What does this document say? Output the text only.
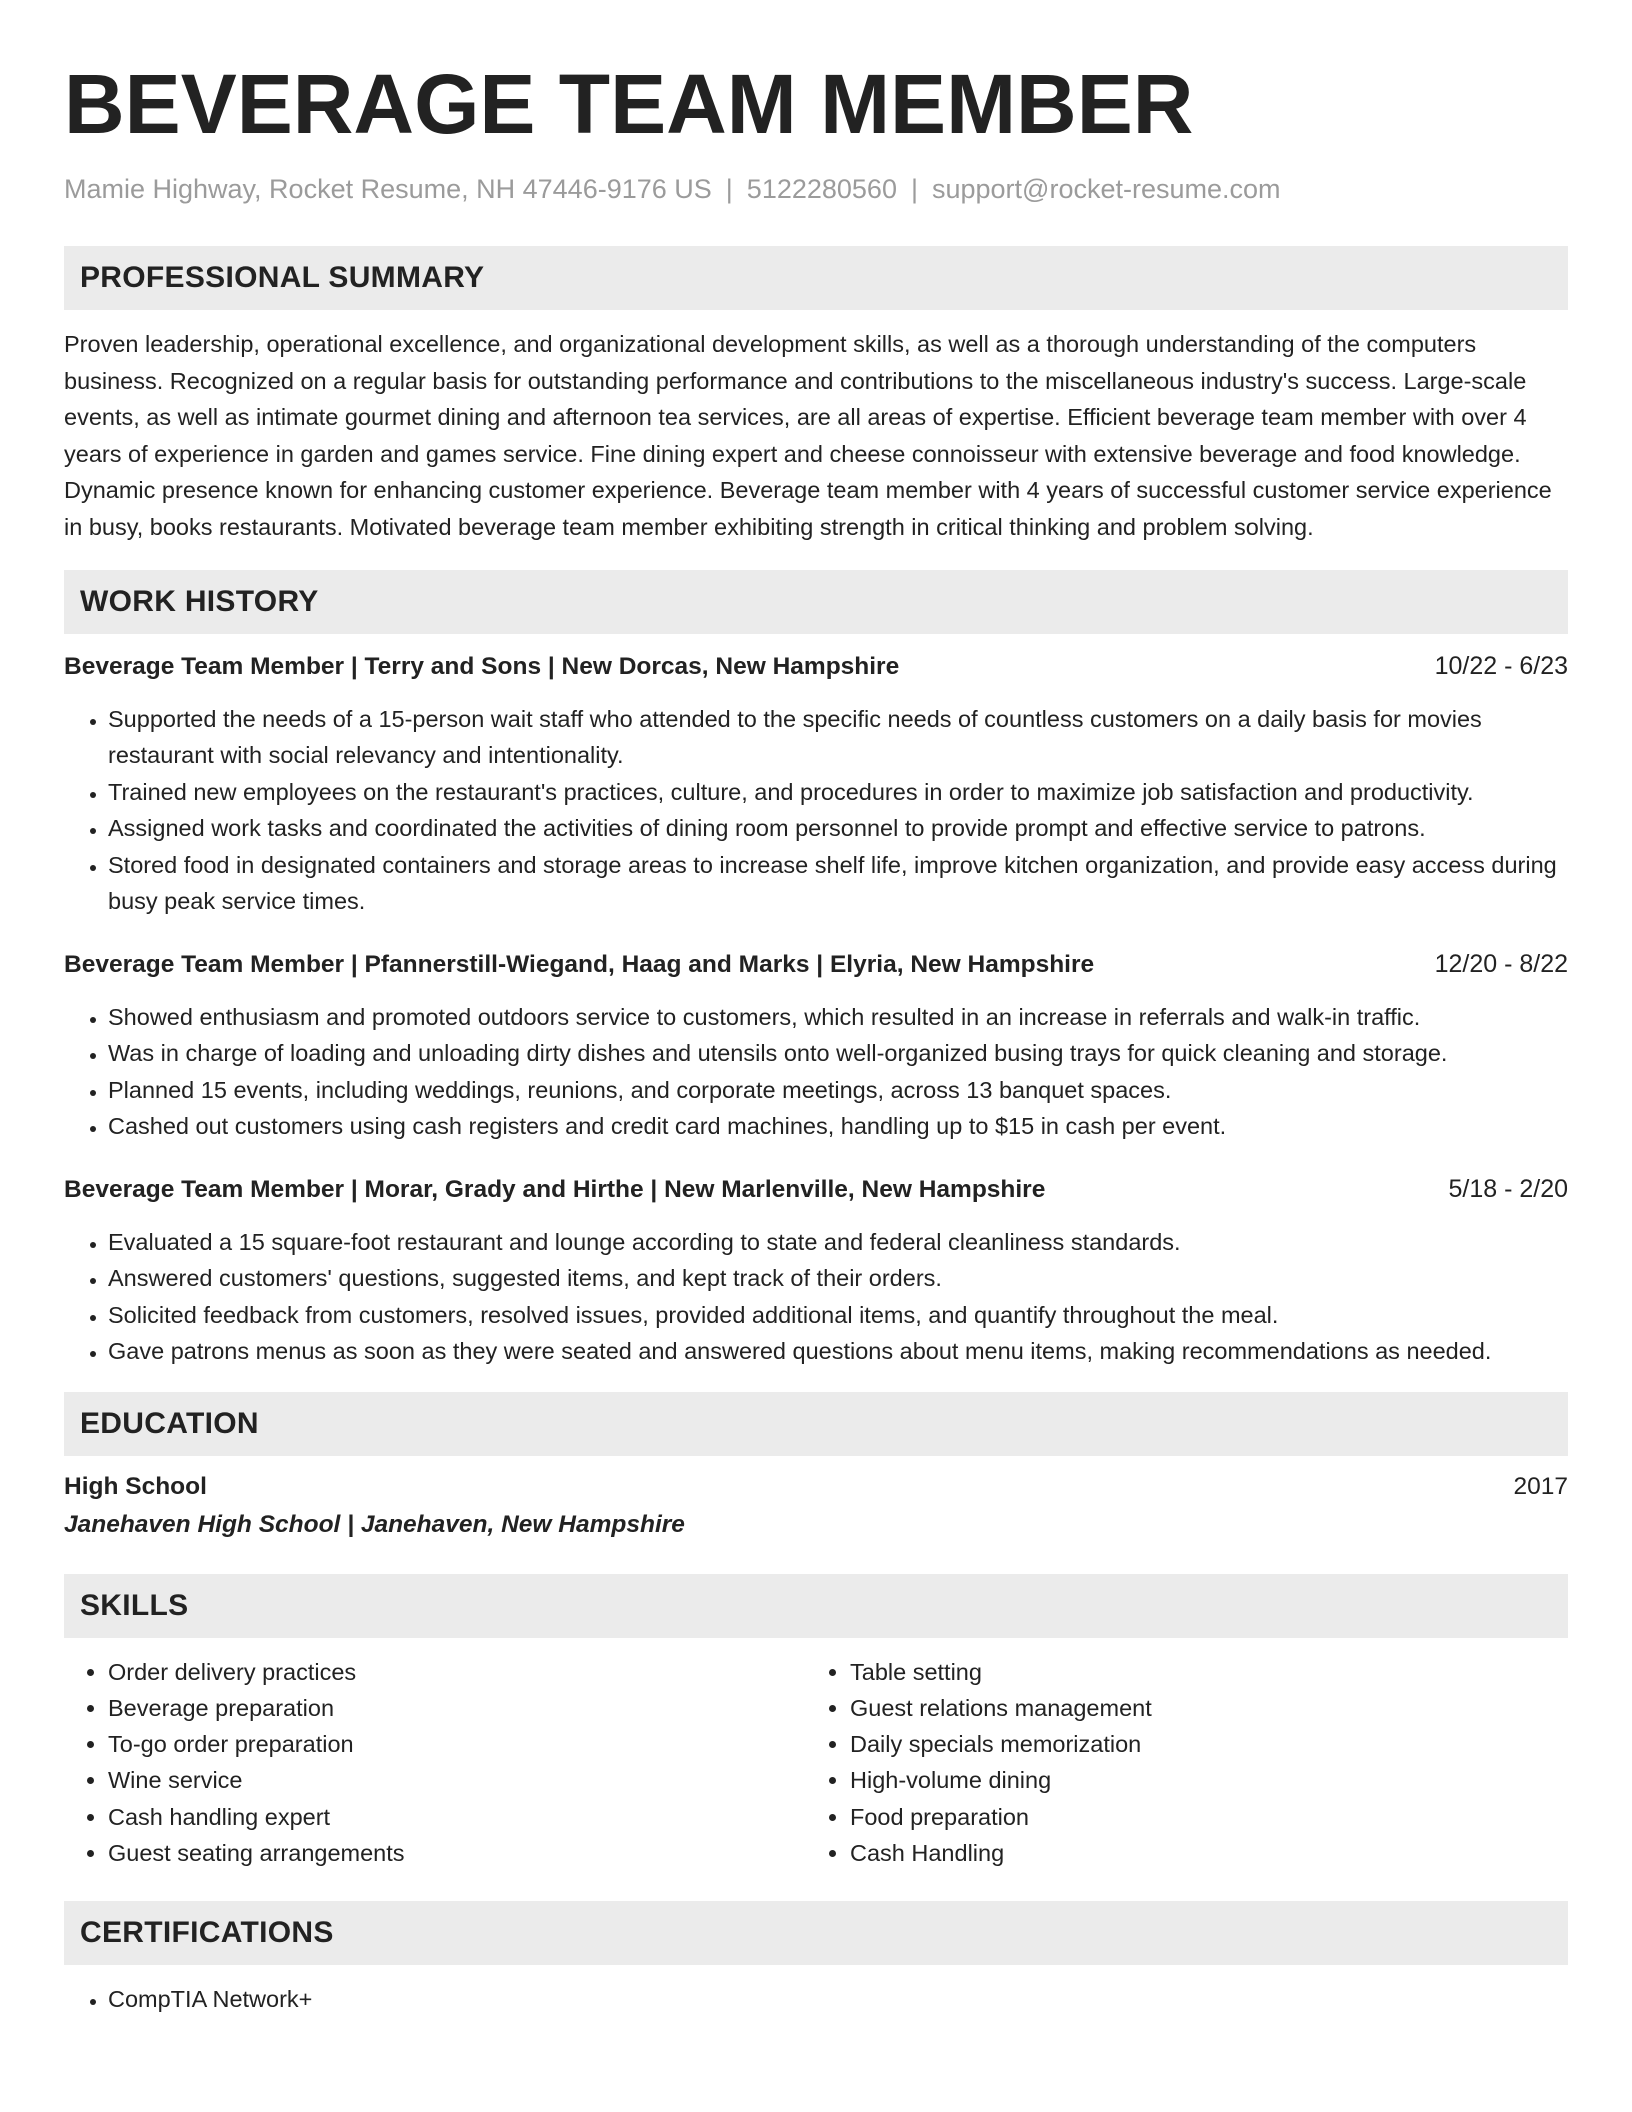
BEVERAGE TEAM MEMBER
Mamie Highway, Rocket Resume, NH 47446-9176 US | 5122280560 | support@rocket-resume.com
PROFESSIONAL SUMMARY

Proven leadership, operational excellence, and organizational development skills, as well as a thorough understanding of the computers business. Recognized on a regular basis for outstanding performance and contributions to the miscellaneous industry's success. Large-scale events, as well as intimate gourmet dining and afternoon tea services, are all areas of expertise. Efficient beverage team member with over 4 years of experience in garden and games service. Fine dining expert and cheese connoisseur with extensive beverage and food knowledge. Dynamic presence known for enhancing customer experience. Beverage team member with 4 years of successful customer service experience in busy, books restaurants. Motivated beverage team member exhibiting strength in critical thinking and problem solving.

WORK HISTORY
Beverage Team Member | Terry and Sons | New Dorcas, New Hampshire	10/22 - 6/23
• Supported the needs of a 15-person wait staff who attended to the specific needs of countless customers on a daily basis for movies restaurant with social relevancy and intentionality.
• Trained new employees on the restaurant's practices, culture, and procedures in order to maximize job satisfaction and productivity.
• Assigned work tasks and coordinated the activities of dining room personnel to provide prompt and effective service to patrons.
• Stored food in designated containers and storage areas to increase shelf life, improve kitchen organization, and provide easy access during busy peak service times.
Beverage Team Member | Pfannerstill-Wiegand, Haag and Marks | Elyria, New Hampshire	12/20 - 8/22
• Showed enthusiasm and promoted outdoors service to customers, which resulted in an increase in referrals and walk-in traffic.
• Was in charge of loading and unloading dirty dishes and utensils onto well-organized busing trays for quick cleaning and storage.
• Planned 15 events, including weddings, reunions, and corporate meetings, across 13 banquet spaces.
• Cashed out customers using cash registers and credit card machines, handling up to $15 in cash per event.
Beverage Team Member | Morar, Grady and Hirthe | New Marlenville, New Hampshire	5/18 - 2/20
• Evaluated a 15 square-foot restaurant and lounge according to state and federal cleanliness standards.
• Answered customers' questions, suggested items, and kept track of their orders.
• Solicited feedback from customers, resolved issues, provided additional items, and quantify throughout the meal.
• Gave patrons menus as soon as they were seated and answered questions about menu items, making recommendations as needed.
EDUCATION
High School	2017
Janehaven High School | Janehaven, New Hampshire
SKILLS
• Order delivery practices
• Beverage preparation
• To-go order preparation
• Wine service
• Cash handling expert
• Guest seating arrangements
• Table setting
• Guest relations management
• Daily specials memorization
• High-volume dining
• Food preparation
• Cash Handling
CERTIFICATIONS
• CompTIA Network+
